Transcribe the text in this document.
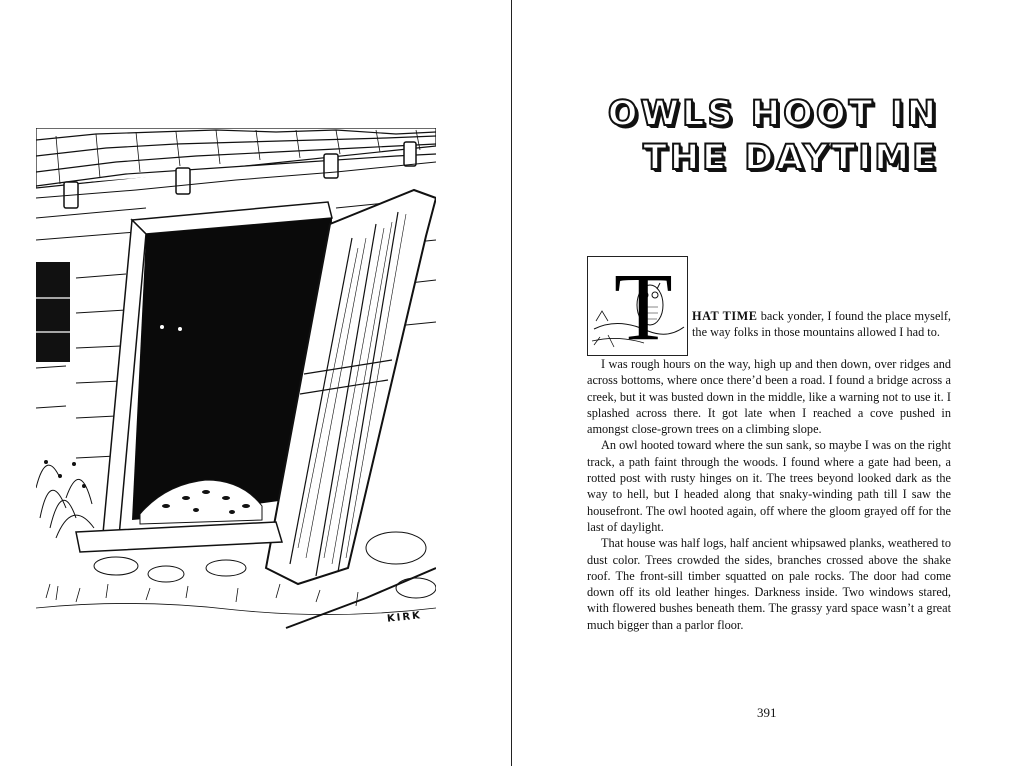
KIRK
OWLS HOOT IN
THE DAYTIME
T	HAT TIME back yonder, I found the place myself, the way folks in those mountains allowed I had to.

I was rough hours on the way, high up and then down, over ridges and across bottoms, where once there’d been a road. I found a bridge across a creek, but it was busted down in the middle, like a warning not to use it. I splashed across there. It got late when I reached a cove pushed in amongst close-grown trees on a climbing slope.

An owl hooted toward where the sun sank, so maybe I was on the right track, a path faint through the woods. I found where a gate had been, a rotted post with rusty hinges on it. The trees beyond looked dark as the way to hell, but I headed along that snaky-winding path till I saw the housefront. The owl hooted again, off where the gloom grayed off for the last of daylight.

That house was half logs, half ancient whipsawed planks, weathered to dust color. Trees crowded the sides, branches crossed above the shake roof. The front-sill timber squatted on pale rocks. The door had come down off its old leather hinges. Darkness inside. Two windows stared, with flowered bushes beneath them. The grassy yard space wasn’t a great much bigger than a parlor floor.

391
